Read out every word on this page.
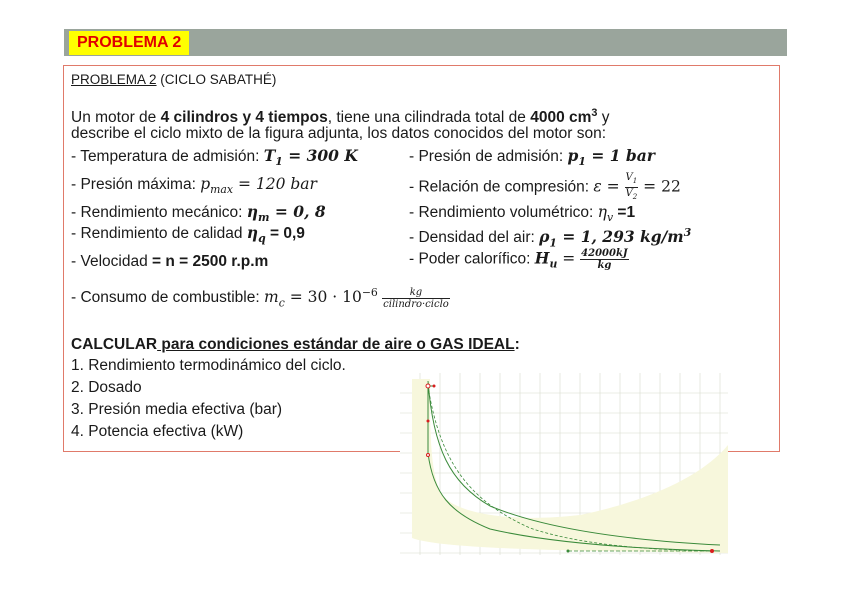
PROBLEMA 2
PROBLEMA 2 (CICLO SABATHÉ)
Un motor de 4 cilindros y 4 tiempos, tiene una cilindrada total de 4000 $cm^3$ y
describe el ciclo mixto de la figura adjunta, los datos conocidos del motor son:
- Temperatura de admisión: $T_1 = 300$ K	- Presión de admisión: $p_1 = 1$ bar
- Presión máxima: $p_{max} = 120$ bar	- Relación de compresión: $\varepsilon = \frac{V_1}{V_2} = 22$
- Rendimiento mecánico: $\eta_m = 0$, 8	- Rendimiento volumétrico: $\eta_v =1$
- Rendimiento de calidad $\eta_q = 0,9$	- Densidad del air: $\rho_1 = 1$, 293 $kg/m^3$
- Velocidad = n = 2500 r.p.m	- Poder calorífico: $H_u = \frac{42000kJ}{kg}$
- Consumo de combustible: $m_c = 30 \cdot 10^{-6} \frac{kg}{\text{cilindro·ciclo}}$
CALCULAR para condiciones estándar de aire o GAS IDEAL:
1. Rendimiento termodinámico del ciclo.
2. Dosado
3. Presión media efectiva (bar)
4. Potencia efectiva (kW)
